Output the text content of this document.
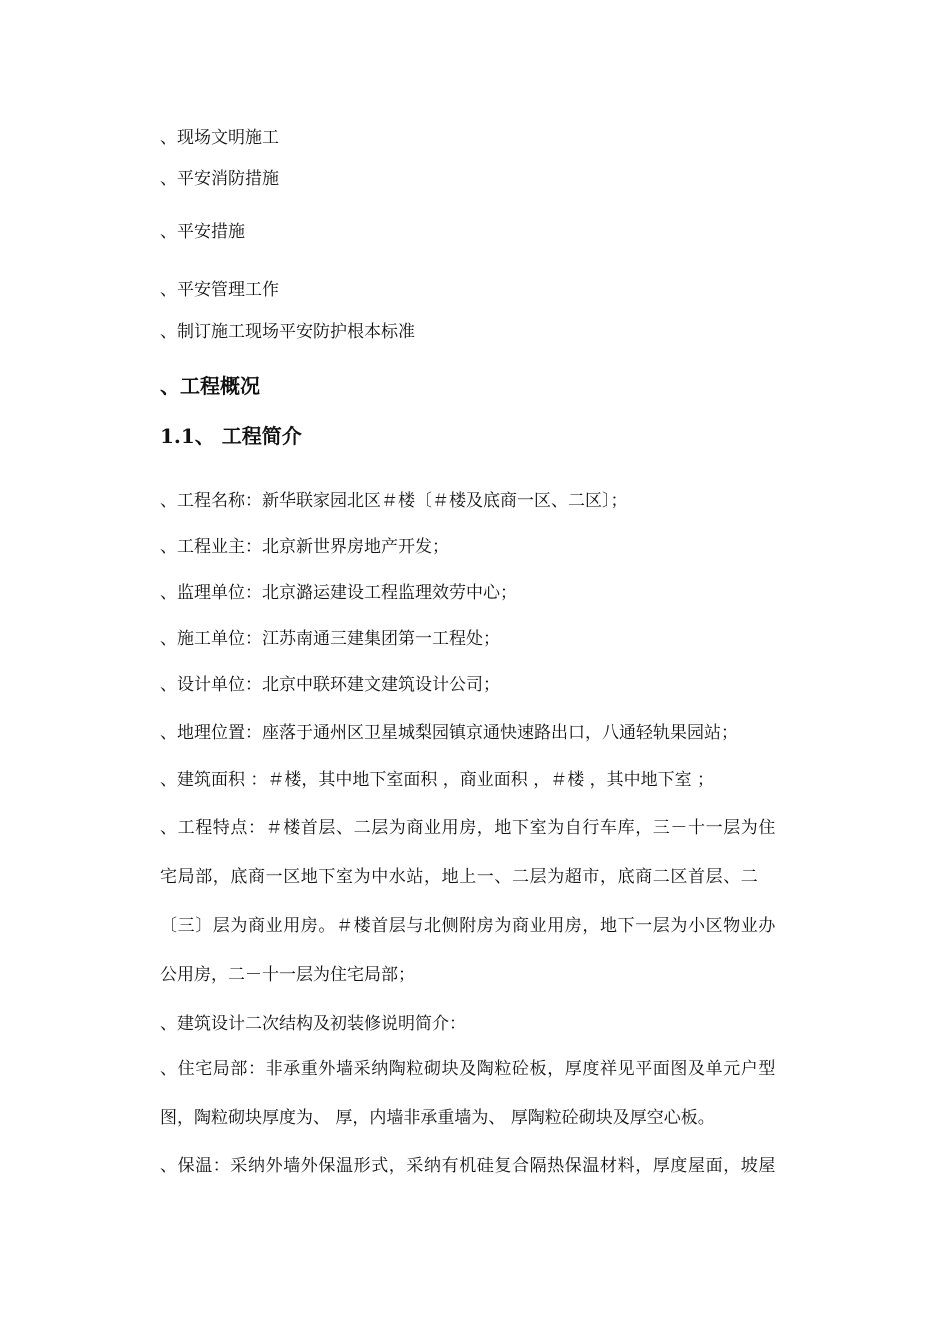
、现场文明施工
、平安消防措施
、平安措施
、平安管理工作
、制订施工现场平安防护根本标准
、工程概况
1.1、 工程简介
、工程名称：新华联家园北区＃楼〔＃楼及底商一区、二区〕；
、工程业主：北京新世界房地产开发；
、监理单位：北京潞运建设工程监理效劳中心；
、施工单位：江苏南通三建集团第一工程处；
、设计单位：北京中联环建文建筑设计公司；
、地理位置：座落于通州区卫星城梨园镇京通快速路出口，八通轻轨果园站；
、建筑面积 ：＃楼，其中地下室面积 ，商业面积 ，＃楼 ，其中地下室 ；
、工程特点：＃楼首层、二层为商业用房，地下室为自行车库，三－十一层为住
宅局部，底商一区地下室为中水站，地上一、二层为超市，底商二区首层、二
〔三〕层为商业用房。＃楼首层与北侧附房为商业用房，地下一层为小区物业办
公用房，二－十一层为住宅局部；
、建筑设计二次结构及初装修说明简介：
、住宅局部：非承重外墙采纳陶粒砌块及陶粒砼板，厚度祥见平面图及单元户型
图，陶粒砌块厚度为、 厚，内墙非承重墙为、 厚陶粒砼砌块及厚空心板。
、保温：采纳外墙外保温形式，采纳有机硅复合隔热保温材料，厚度屋面，坡屋
